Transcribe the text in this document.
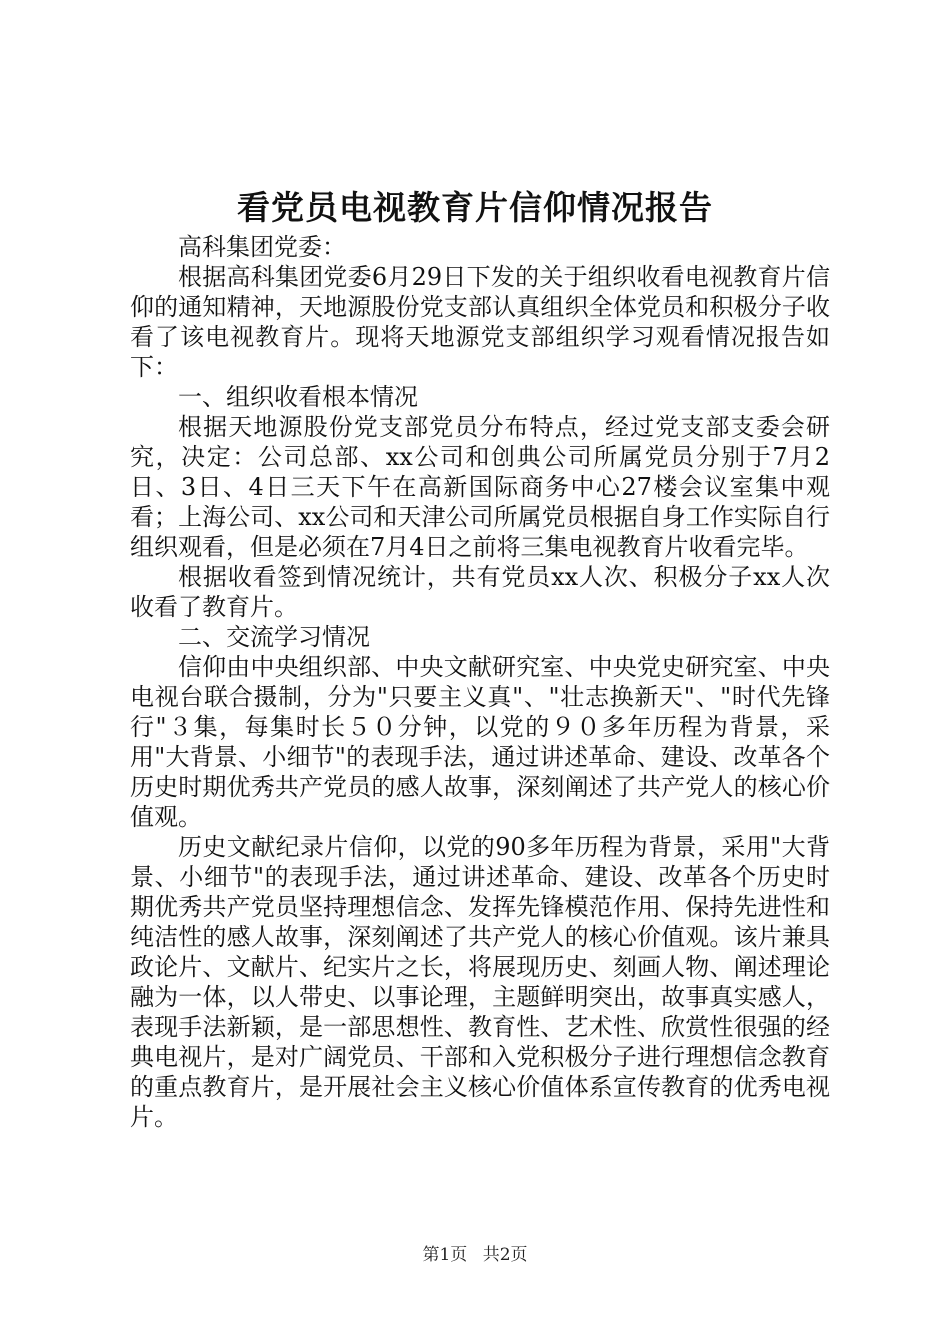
看党员电视教育片信仰情况报告

高科集团党委：

根据高科集团党委6月29日下发的关于组织收看电视教育片信仰的通知精神，天地源股份党支部认真组织全体党员和积极分子收看了该电视教育片。现将天地源党支部组织学习观看情况报告如下：

一、组织收看根本情况

根据天地源股份党支部党员分布特点，经过党支部支委会研究，决定：公司总部、xx公司和创典公司所属党员分别于7月2日、3日、4日三天下午在高新国际商务中心27楼会议室集中观看；上海公司、xx公司和天津公司所属党员根据自身工作实际自行组织观看，但是必须在7月4日之前将三集电视教育片收看完毕。

根据收看签到情况统计，共有党员xx人次、积极分子xx人次收看了教育片。

二、交流学习情况

信仰由中央组织部、中央文献研究室、中央党史研究室、中央电视台联合摄制，分为"只要主义真"、"壮志换新天"、"时代先锋行"３集，每集时长５０分钟，以党的９０多年历程为背景，采用"大背景、小细节"的表现手法，通过讲述革命、建设、改革各个历史时期优秀共产党员的感人故事，深刻阐述了共产党人的核心价值观。

历史文献纪录片信仰，以党的90多年历程为背景，采用"大背景、小细节"的表现手法，通过讲述革命、建设、改革各个历史时期优秀共产党员坚持理想信念、发挥先锋模范作用、保持先进性和纯洁性的感人故事，深刻阐述了共产党人的核心价值观。该片兼具政论片、文献片、纪实片之长，将展现历史、刻画人物、阐述理论融为一体，以人带史、以事论理，主题鲜明突出，故事真实感人，表现手法新颖，是一部思想性、教育性、艺术性、欣赏性很强的经典电视片，是对广阔党员、干部和入党积极分子进行理想信念教育的重点教育片，是开展社会主义核心价值体系宣传教育的优秀电视片。

第1页 共2页
